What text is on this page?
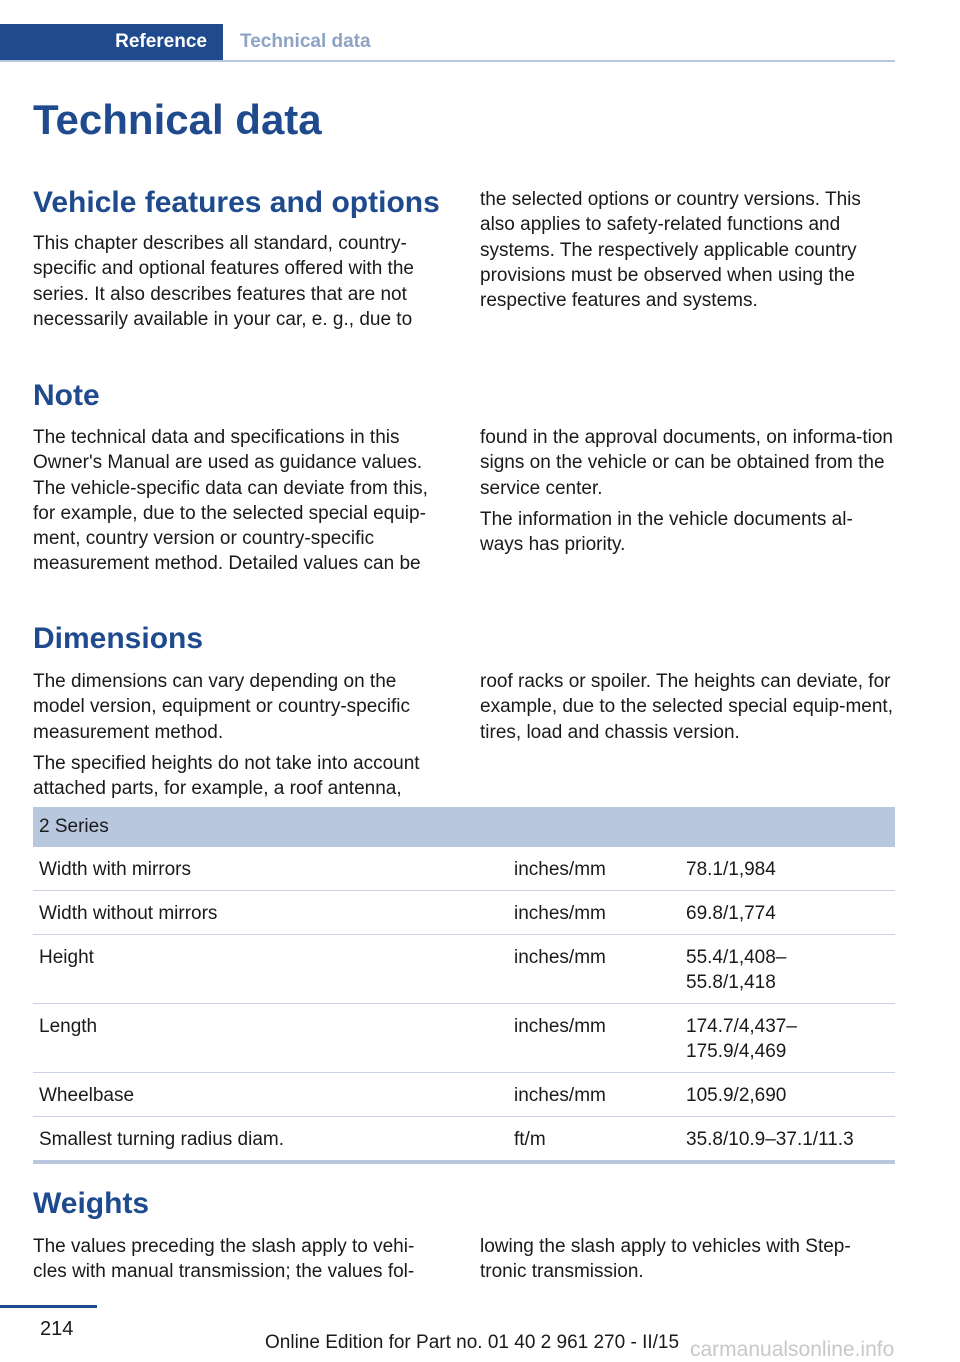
Reference	Technical data
Technical data
Vehicle features and options

This chapter describes all standard, country-specific and optional features offered with the series. It also describes features that are not necessarily available in your car, e. g., due to

the selected options or country versions. This also applies to safety-related functions and systems. The respectively applicable country provisions must be observed when using the respective features and systems.

Note

The technical data and specifications in this Owner's Manual are used as guidance values. The vehicle-specific data can deviate from this, for example, due to the selected special equip-ment, country version or country-specific measurement method. Detailed values can be

found in the approval documents, on informa-tion signs on the vehicle or can be obtained from the service center.

The information in the vehicle documents al-ways has priority.

Dimensions

The dimensions can vary depending on the model version, equipment or country-specific measurement method.

The specified heights do not take into account attached parts, for example, a roof antenna,

roof racks or spoiler. The heights can deviate, for example, due to the selected special equip-ment, tires, load and chassis version.

2 Series
Width with mirrors	inches/mm	78.1/1,984
Width without mirrors	inches/mm	69.8/1,774
Height	inches/mm	55.4/1,408–
55.8/1,418
Length	inches/mm	174.7/4,437–
175.9/4,469
Wheelbase	inches/mm	105.9/2,690
Smallest turning radius diam.	ft/m	35.8/10.9–37.1/11.3
Weights

The values preceding the slash apply to vehi-cles with manual transmission; the values fol-

lowing the slash apply to vehicles with Step-tronic transmission.

214
Online Edition for Part no. 01 40 2 961 270 - II/15 carmanualsonline.info
